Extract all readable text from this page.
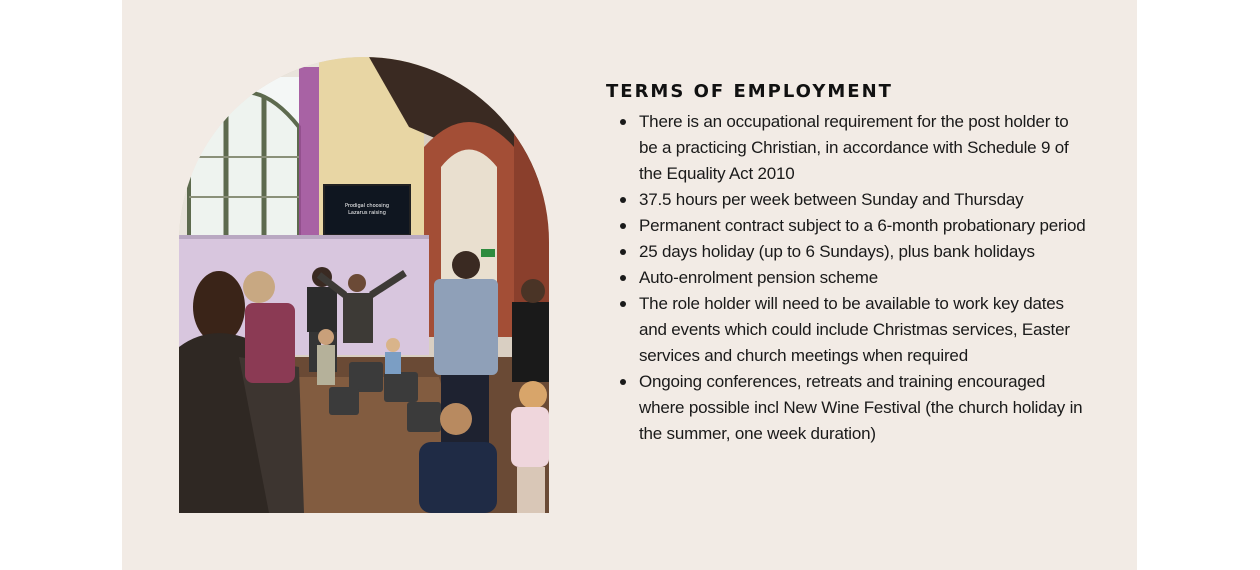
Prodigal choosing
Lazarus raising
TERMS OF EMPLOYMENT
There is an occupational requirement for the post holder to be a practicing Christian, in accordance with Schedule 9 of the Equality Act 2010
37.5 hours per week between Sunday and Thursday
Permanent contract subject to a 6-month probationary period
25 days holiday (up to 6 Sundays), plus bank holidays
Auto-enrolment pension scheme
The role holder will need to be available to work key dates and events which could include Christmas services, Easter services and church meetings when required
Ongoing conferences, retreats and training encouraged where possible incl New Wine Festival (the church holiday in the summer, one week duration)
